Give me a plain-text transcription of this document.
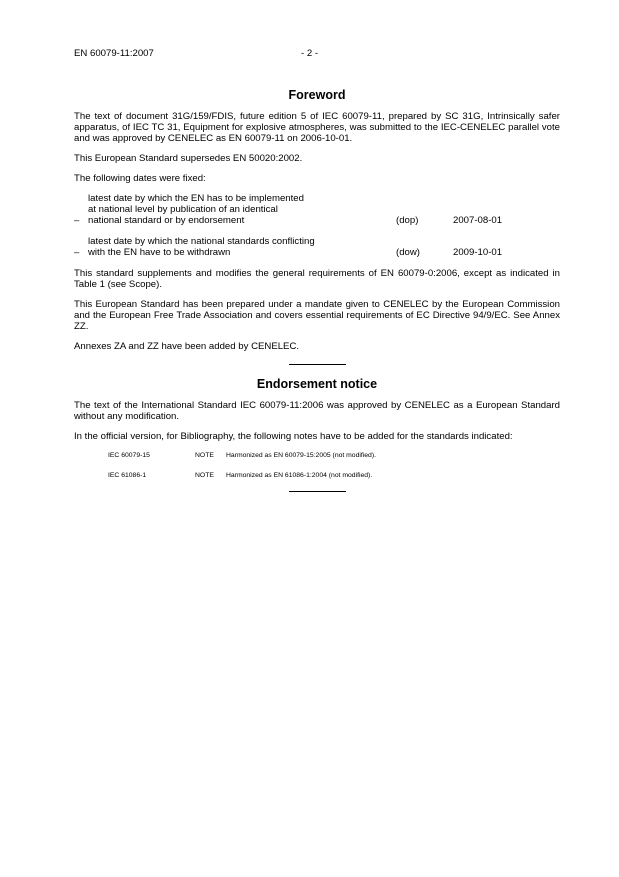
EN 60079-11:2007	- 2 -
Foreword

The text of document 31G/159/FDIS, future edition 5 of IEC 60079-11, prepared by SC 31G, Intrinsically safer apparatus, of IEC TC 31, Equipment for explosive atmospheres, was submitted to the IEC-CENELEC parallel vote and was approved by CENELEC as EN 60079-11 on 2006-10-01.

This European Standard supersedes EN 50020:2002.

The following dates were fixed:

–
latest date by which the EN has to be implemented
at national level by publication of an identical
national standard or by endorsement	(dop)	2007-08-01
–
latest date by which the national standards conflicting
with the EN have to be withdrawn	(dow)	2009-10-01

This standard supplements and modifies the general requirements of EN 60079-0:2006, except as indicated in Table 1 (see Scope).

This European Standard has been prepared under a mandate given to CENELEC by the European Commission and the European Free Trade Association and covers essential requirements of EC Directive 94/9/EC. See Annex ZZ.

Annexes ZA and ZZ have been added by CENELEC.

Endorsement notice

The text of the International Standard IEC 60079-11:2006 was approved by CENELEC as a European Standard without any modification.

In the official version, for Bibliography, the following notes have to be added for the standards indicated:

IEC 60079-15	NOTE	Harmonized as EN 60079-15:2005 (not modified).
IEC 61086-1	NOTE	Harmonized as EN 61086-1:2004 (not modified).
